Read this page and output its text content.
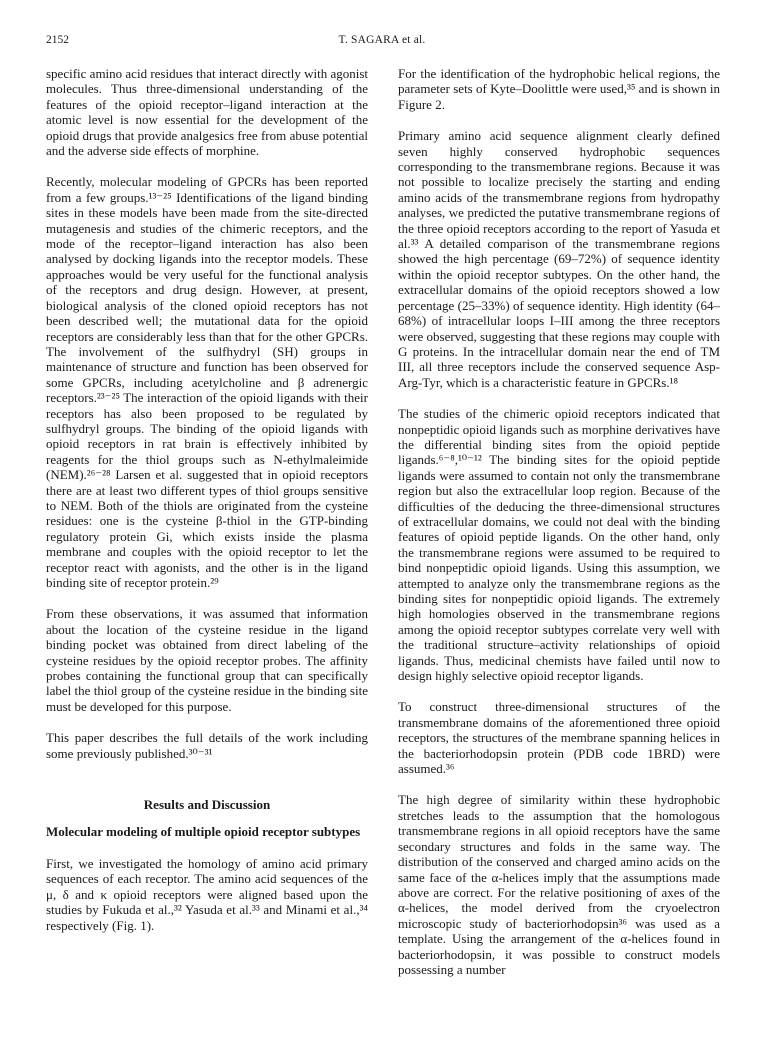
2152	T. SAGARA et al.

specific amino acid residues that interact directly with agonist molecules. Thus three-dimensional understanding of the features of the opioid receptor–ligand interaction at the atomic level is now essential for the development of the opioid drugs that provide analgesics free from abuse potential and the adverse side effects of morphine.

Recently, molecular modeling of GPCRs has been reported from a few groups.¹³⁻²⁵ Identifications of the ligand binding sites in these models have been made from the site-directed mutagenesis and studies of the chimeric receptors, and the mode of the receptor–ligand interaction has also been analysed by docking ligands into the receptor models. These approaches would be very useful for the functional analysis of the receptors and drug design. However, at present, biological analysis of the cloned opioid receptors has not been described well; the mutational data for the opioid receptors are considerably less than that for the other GPCRs. The involvement of the sulfhydryl (SH) groups in maintenance of structure and function has been observed for some GPCRs, including acetylcholine and β adrenergic receptors.²³⁻²⁵ The interaction of the opioid ligands with their receptors has also been proposed to be regulated by sulfhydryl groups. The binding of the opioid ligands with opioid receptors in rat brain is effectively inhibited by reagents for the thiol groups such as N-ethylmaleimide (NEM).²⁶⁻²⁸ Larsen et al. suggested that in opioid receptors there are at least two different types of thiol groups sensitive to NEM. Both of the thiols are originated from the cysteine residues: one is the cysteine β-thiol in the GTP-binding regulatory protein Gi, which exists inside the plasma membrane and couples with the opioid receptor to let the receptor react with agonists, and the other is in the ligand binding site of receptor protein.²⁹

From these observations, it was assumed that information about the location of the cysteine residue in the ligand binding pocket was obtained from direct labeling of the cysteine residues by the opioid receptor probes. The affinity probes containing the functional group that can specifically label the thiol group of the cysteine residue in the binding site must be developed for this purpose.

This paper describes the full details of the work including some previously published.³⁰⁻³¹

Results and Discussion
Molecular modeling of multiple opioid receptor subtypes

First, we investigated the homology of amino acid primary sequences of each receptor. The amino acid sequences of the μ, δ and κ opioid receptors were aligned based upon the studies by Fukuda et al.,³² Yasuda et al.³³ and Minami et al.,³⁴ respectively (Fig. 1).

For the identification of the hydrophobic helical regions, the parameter sets of Kyte–Doolittle were used,³⁵ and is shown in Figure 2.

Primary amino acid sequence alignment clearly defined seven highly conserved hydrophobic sequences corresponding to the transmembrane regions. Because it was not possible to localize precisely the starting and ending amino acids of the transmembrane regions from hydropathy analyses, we predicted the putative transmembrane regions of the three opioid receptors according to the report of Yasuda et al.³³ A detailed comparison of the transmembrane regions showed the high percentage (69–72%) of sequence identity within the opioid receptor subtypes. On the other hand, the extracellular domains of the opioid receptors showed a low percentage (25–33%) of sequence identity. High identity (64–68%) of intracellular loops I–III among the three receptors were observed, suggesting that these regions may couple with G proteins. In the intracellular domain near the end of TM III, all three receptors include the conserved sequence Asp-Arg-Tyr, which is a characteristic feature in GPCRs.¹⁸

The studies of the chimeric opioid receptors indicated that nonpeptidic opioid ligands such as morphine derivatives have the differential binding sites from the opioid peptide ligands.⁶⁻⁸,¹⁰⁻¹² The binding sites for the opioid peptide ligands were assumed to contain not only the transmembrane region but also the extracellular loop region. Because of the difficulties of the deducing the three-dimensional structures of extracellular domains, we could not deal with the binding features of opioid peptide ligands. On the other hand, only the transmembrane regions were assumed to be required to bind nonpeptidic opioid ligands. Using this assumption, we attempted to analyze only the transmembrane regions as the binding sites for nonpeptidic opioid ligands. The extremely high homologies observed in the transmembrane regions among the opioid receptor subtypes correlate very well with the traditional structure–activity relationships of opioid ligands. Thus, medicinal chemists have failed until now to design highly selective opioid receptor ligands.

To construct three-dimensional structures of the transmembrane domains of the aforementioned three opioid receptors, the structures of the membrane spanning helices in the bacteriorhodopsin protein (PDB code 1BRD) were assumed.³⁶

The high degree of similarity within these hydrophobic stretches leads to the assumption that the homologous transmembrane regions in all opioid receptors have the same secondary structures and folds in the same way. The distribution of the conserved and charged amino acids on the same face of the α-helices imply that the assumptions made above are correct. For the relative positioning of axes of the α-helices, the model derived from the cryoelectron microscopic study of bacteriorhodopsin³⁶ was used as a template. Using the arrangement of the α-helices found in bacteriorhodopsin, it was possible to construct models possessing a number
